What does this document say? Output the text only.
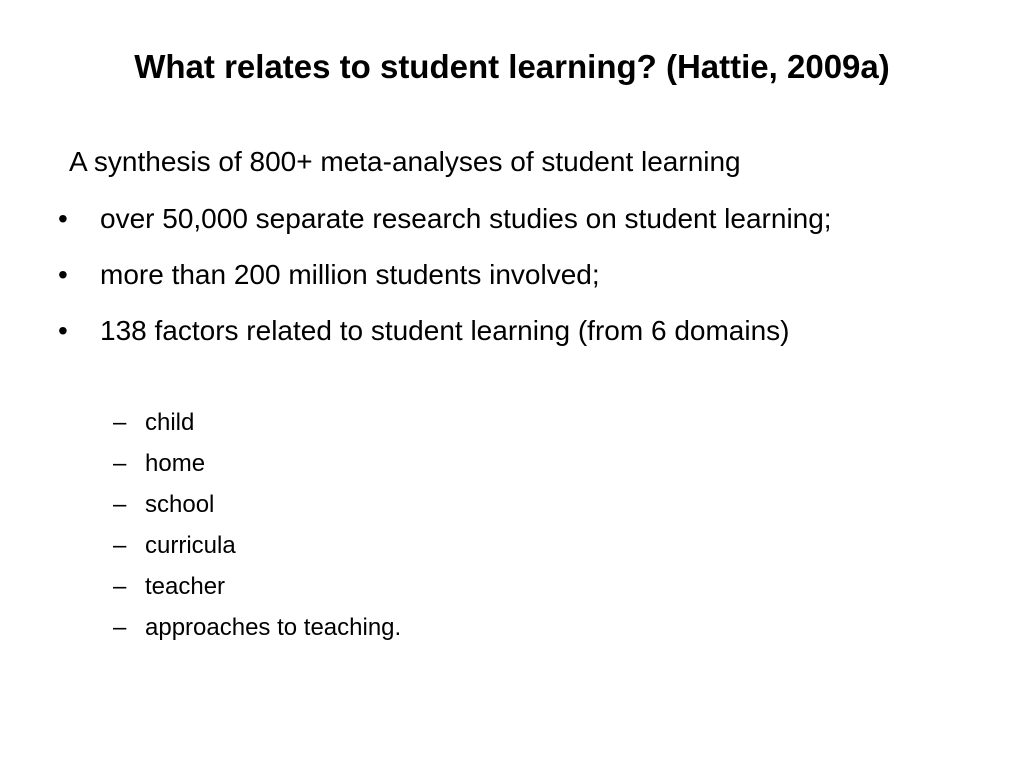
What relates to student learning? (Hattie, 2009a)

A synthesis of 800+ meta-analyses of student learning

• over 50,000 separate research studies on student learning;
• more than 200 million students involved;
• 138 factors related to student learning (from 6 domains)
– child
– home
– school
– curricula
– teacher
– approaches to teaching.
